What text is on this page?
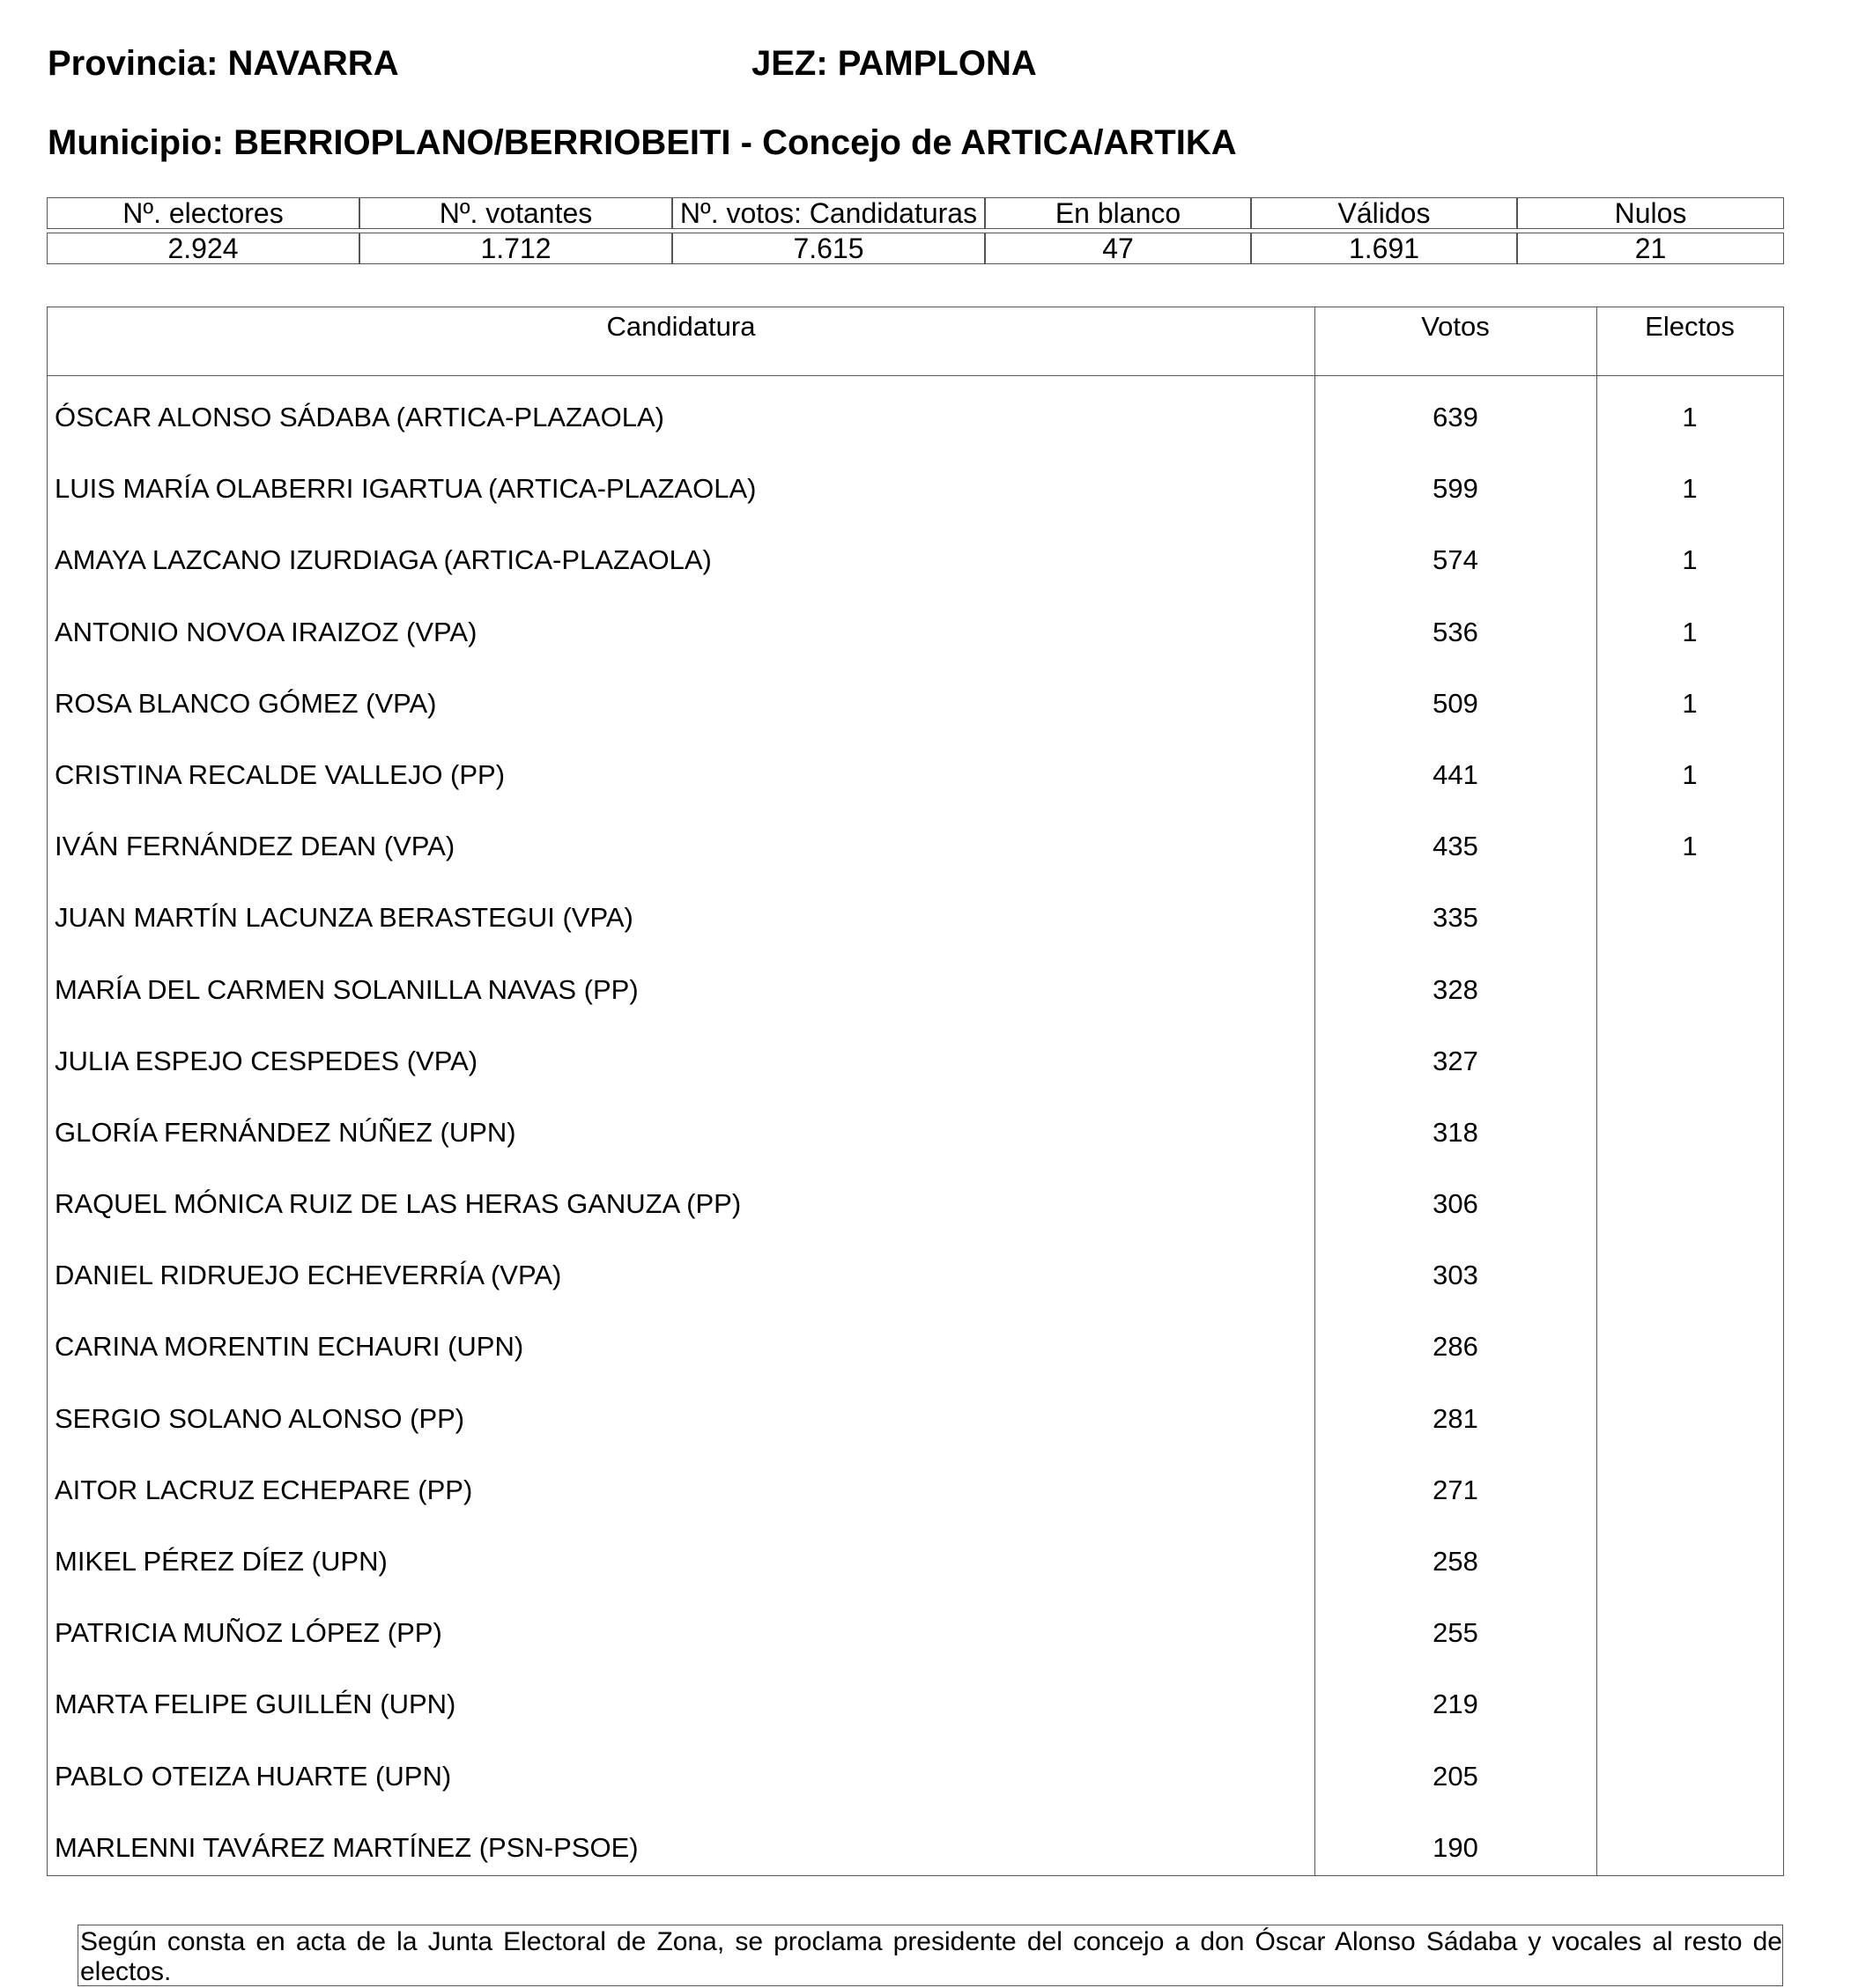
Provincia: NAVARRA	JEZ: PAMPLONA
Municipio: BERRIOPLANO/BERRIOBEITI - Concejo de ARTICA/ARTIKA
Nº. electores	Nº. votantes	Nº. votos: Candidaturas	En blanco	Válidos	Nulos

2.924	1.712	7.615	47	1.691	21
Candidatura	Votos	Electos
ÓSCAR ALONSO SÁDABA (ARTICA-PLAZAOLA)	639	1
LUIS MARÍA OLABERRI IGARTUA (ARTICA-PLAZAOLA)	599	1
AMAYA LAZCANO IZURDIAGA (ARTICA-PLAZAOLA)	574	1
ANTONIO NOVOA IRAIZOZ (VPA)	536	1
ROSA BLANCO GÓMEZ (VPA)	509	1
CRISTINA RECALDE VALLEJO (PP)	441	1
IVÁN FERNÁNDEZ DEAN (VPA)	435	1
JUAN MARTÍN LACUNZA BERASTEGUI (VPA)	335
MARÍA DEL CARMEN SOLANILLA NAVAS (PP)	328
JULIA ESPEJO CESPEDES (VPA)	327
GLORÍA FERNÁNDEZ NÚÑEZ (UPN)	318
RAQUEL MÓNICA RUIZ DE LAS HERAS GANUZA (PP)	306
DANIEL RIDRUEJO ECHEVERRÍA (VPA)	303
CARINA MORENTIN ECHAURI (UPN)	286
SERGIO SOLANO ALONSO (PP)	281
AITOR LACRUZ ECHEPARE (PP)	271
MIKEL PÉREZ DÍEZ (UPN)	258
PATRICIA MUÑOZ LÓPEZ (PP)	255
MARTA FELIPE GUILLÉN (UPN)	219
PABLO OTEIZA HUARTE (UPN)	205
MARLENNI TAVÁREZ MARTÍNEZ (PSN-PSOE)	190
Según consta en acta de la Junta Electoral de Zona, se proclama presidente del concejo a don Óscar Alonso Sádaba y vocales al resto de electos.
